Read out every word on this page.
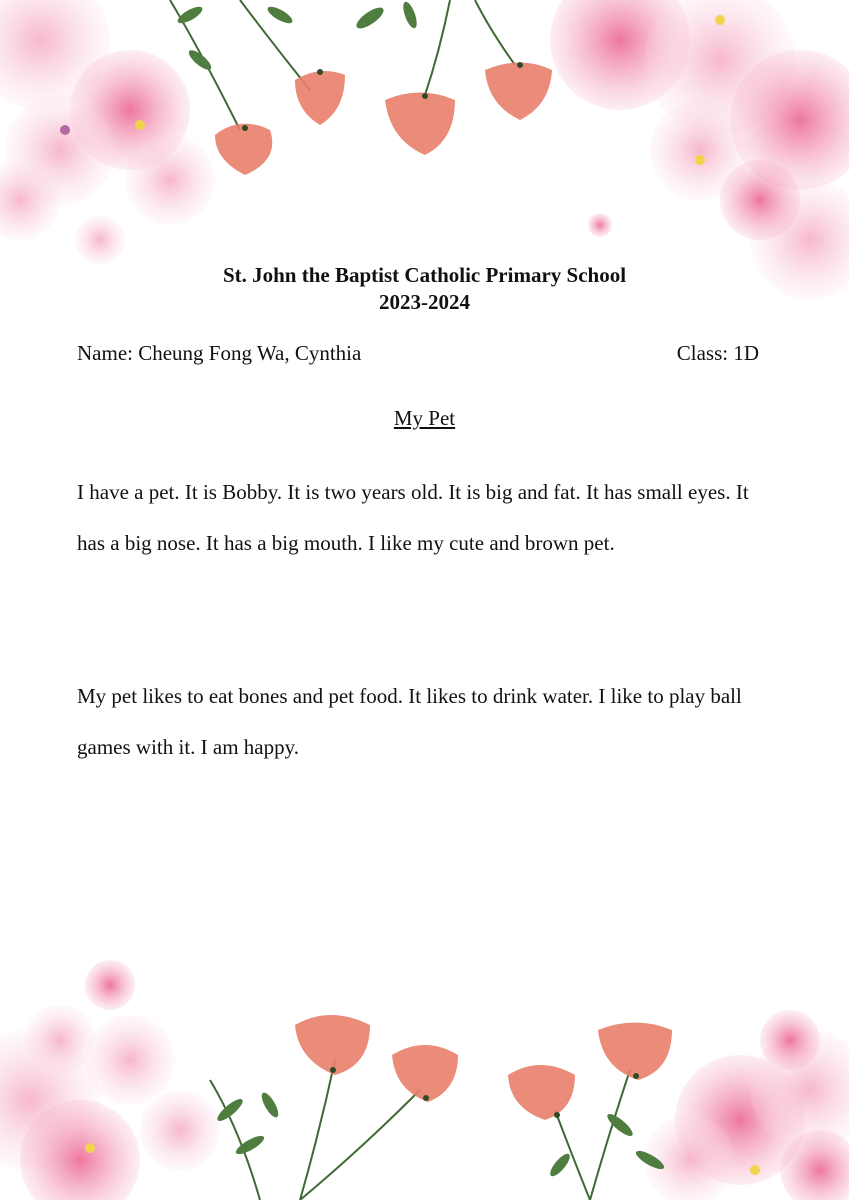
St. John the Baptist Catholic Primary School
2023-2024
Name: Cheung Fong Wa, Cynthia	Class: 1D
My Pet

I have a pet. It is Bobby. It is two years old. It is big and fat. It has small eyes. It has a big nose. It has a big mouth. I like my cute and brown pet.

My pet likes to eat bones and pet food. It likes to drink water. I like to play ball games with it. I am happy.
